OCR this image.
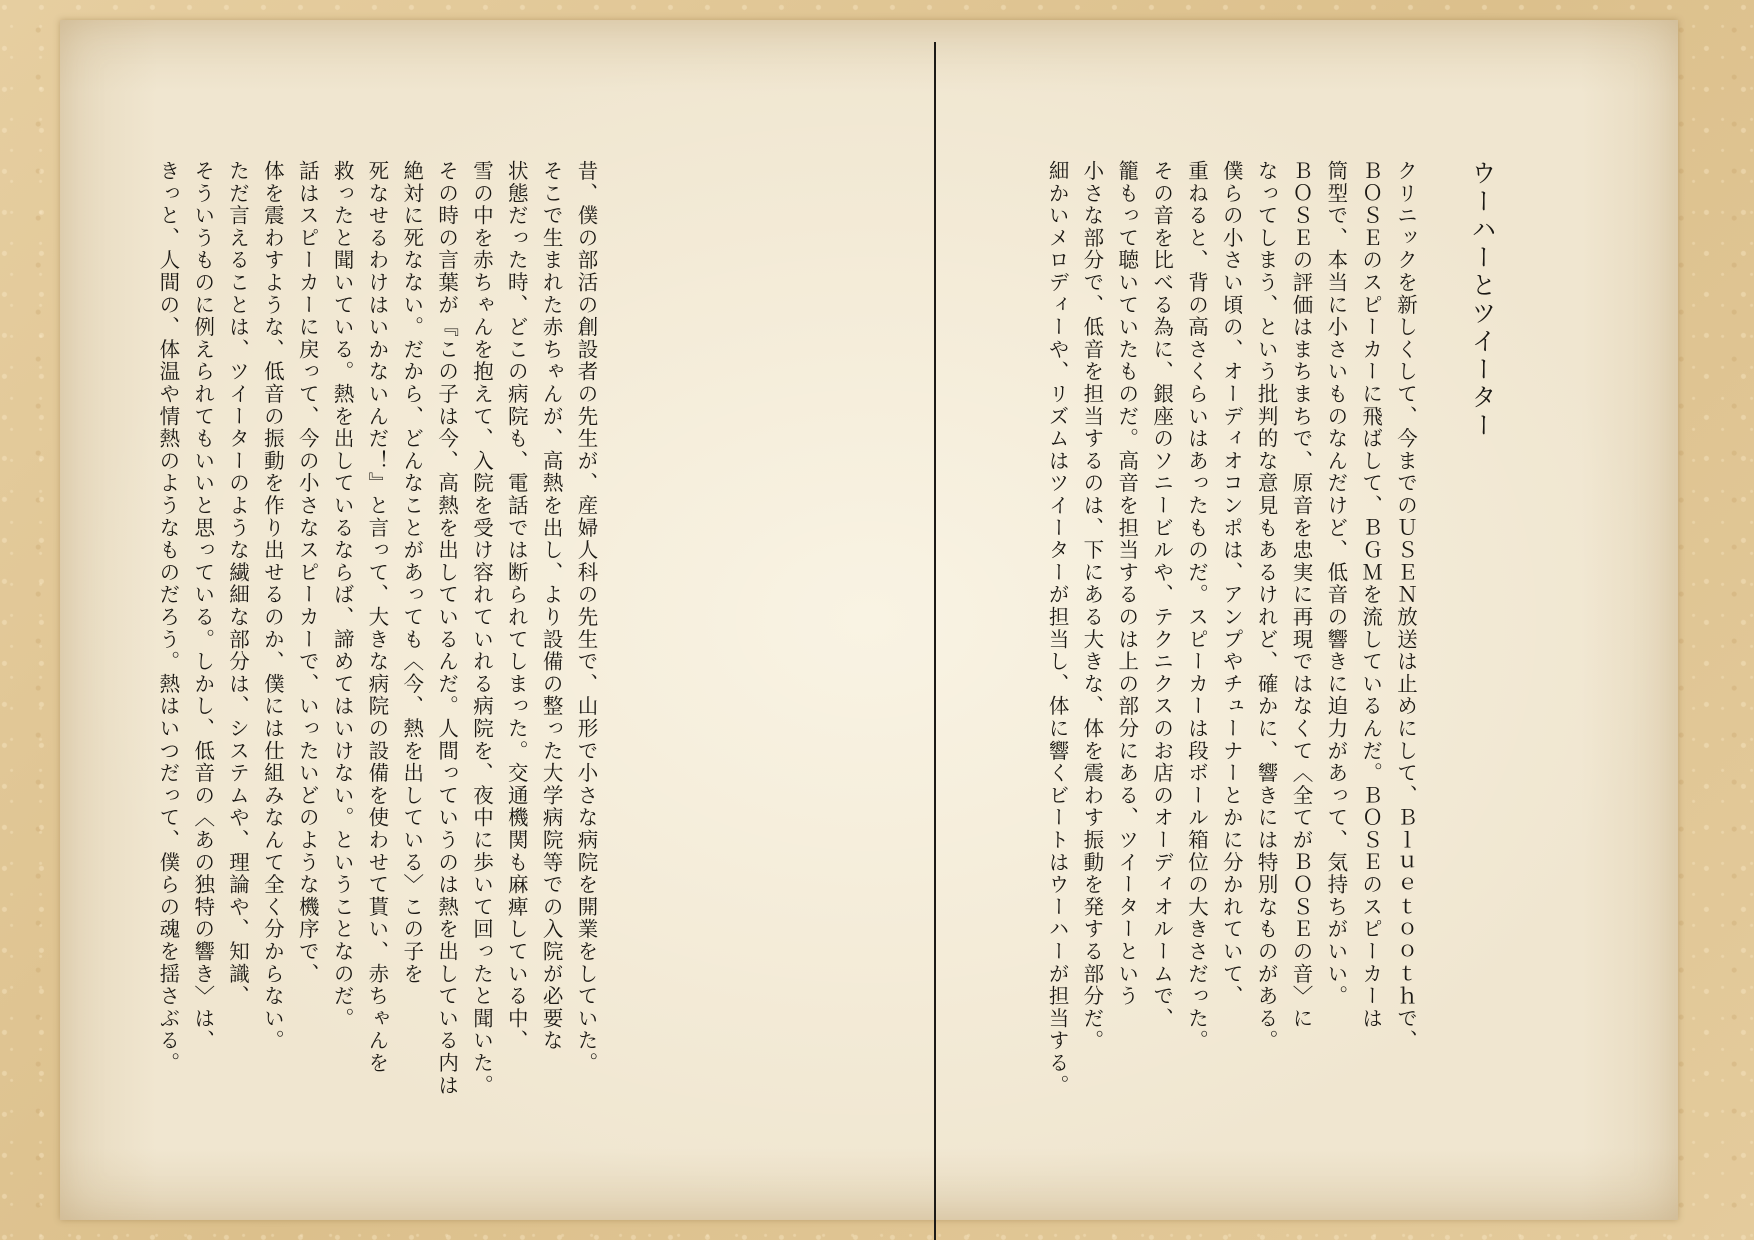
ウーハーとツイーター

クリニックを新しくして、今までのＵＳＥＮ放送は止めにして、Ｂｌｕｅｔｏｏｔｈで、

ＢＯＳＥのスピーカーに飛ばして、ＢＧＭを流しているんだ。ＢＯＳＥのスピーカーは

筒型で、本当に小さいものなんだけど、低音の響きに迫力があって、気持ちがいい。

ＢＯＳＥの評価はまちまちで、原音を忠実に再現ではなくて〈全てがＢＯＳＥの音〉に

なってしまう、という批判的な意見もあるけれど、確かに、響きには特別なものがある。

僕らの小さい頃の、オーディオコンポは、アンプやチューナーとかに分かれていて、

重ねると、背の高さくらいはあったものだ。スピーカーは段ボール箱位の大きさだった。

その音を比べる為に、銀座のソニービルや、テクニクスのお店のオーディオルームで、

籠もって聴いていたものだ。高音を担当するのは上の部分にある、ツイーターという

小さな部分で、低音を担当するのは、下にある大きな、体を震わす振動を発する部分だ。

細かいメロディーや、リズムはツイーターが担当し、体に響くビートはウーハーが担当する。

昔、僕の部活の創設者の先生が、産婦人科の先生で、山形で小さな病院を開業をしていた。

そこで生まれた赤ちゃんが、高熱を出し、より設備の整った大学病院等での入院が必要な

状態だった時、どこの病院も、電話では断られてしまった。交通機関も麻痺している中、

雪の中を赤ちゃんを抱えて、入院を受け容れていれる病院を、夜中に歩いて回ったと聞いた。

その時の言葉が『この子は今、高熱を出しているんだ。人間っていうのは熱を出している内は

絶対に死なない。だから、どんなことがあっても〈今、熱を出している〉この子を

死なせるわけはいかないんだ！』と言って、大きな病院の設備を使わせて貰い、赤ちゃんを

救ったと聞いている。熱を出しているならば、諦めてはいけない。ということなのだ。

話はスピーカーに戻って、今の小さなスピーカーで、いったいどのような機序で、

体を震わすような、低音の振動を作り出せるのか、僕には仕組みなんて全く分からない。

ただ言えることは、ツイーターのような繊細な部分は、システムや、理論や、知識、

そういうものに例えられてもいいと思っている。しかし、低音の〈あの独特の響き〉は、

きっと、人間の、体温や情熱のようなものだろう。熱はいつだって、僕らの魂を揺さぶる。
